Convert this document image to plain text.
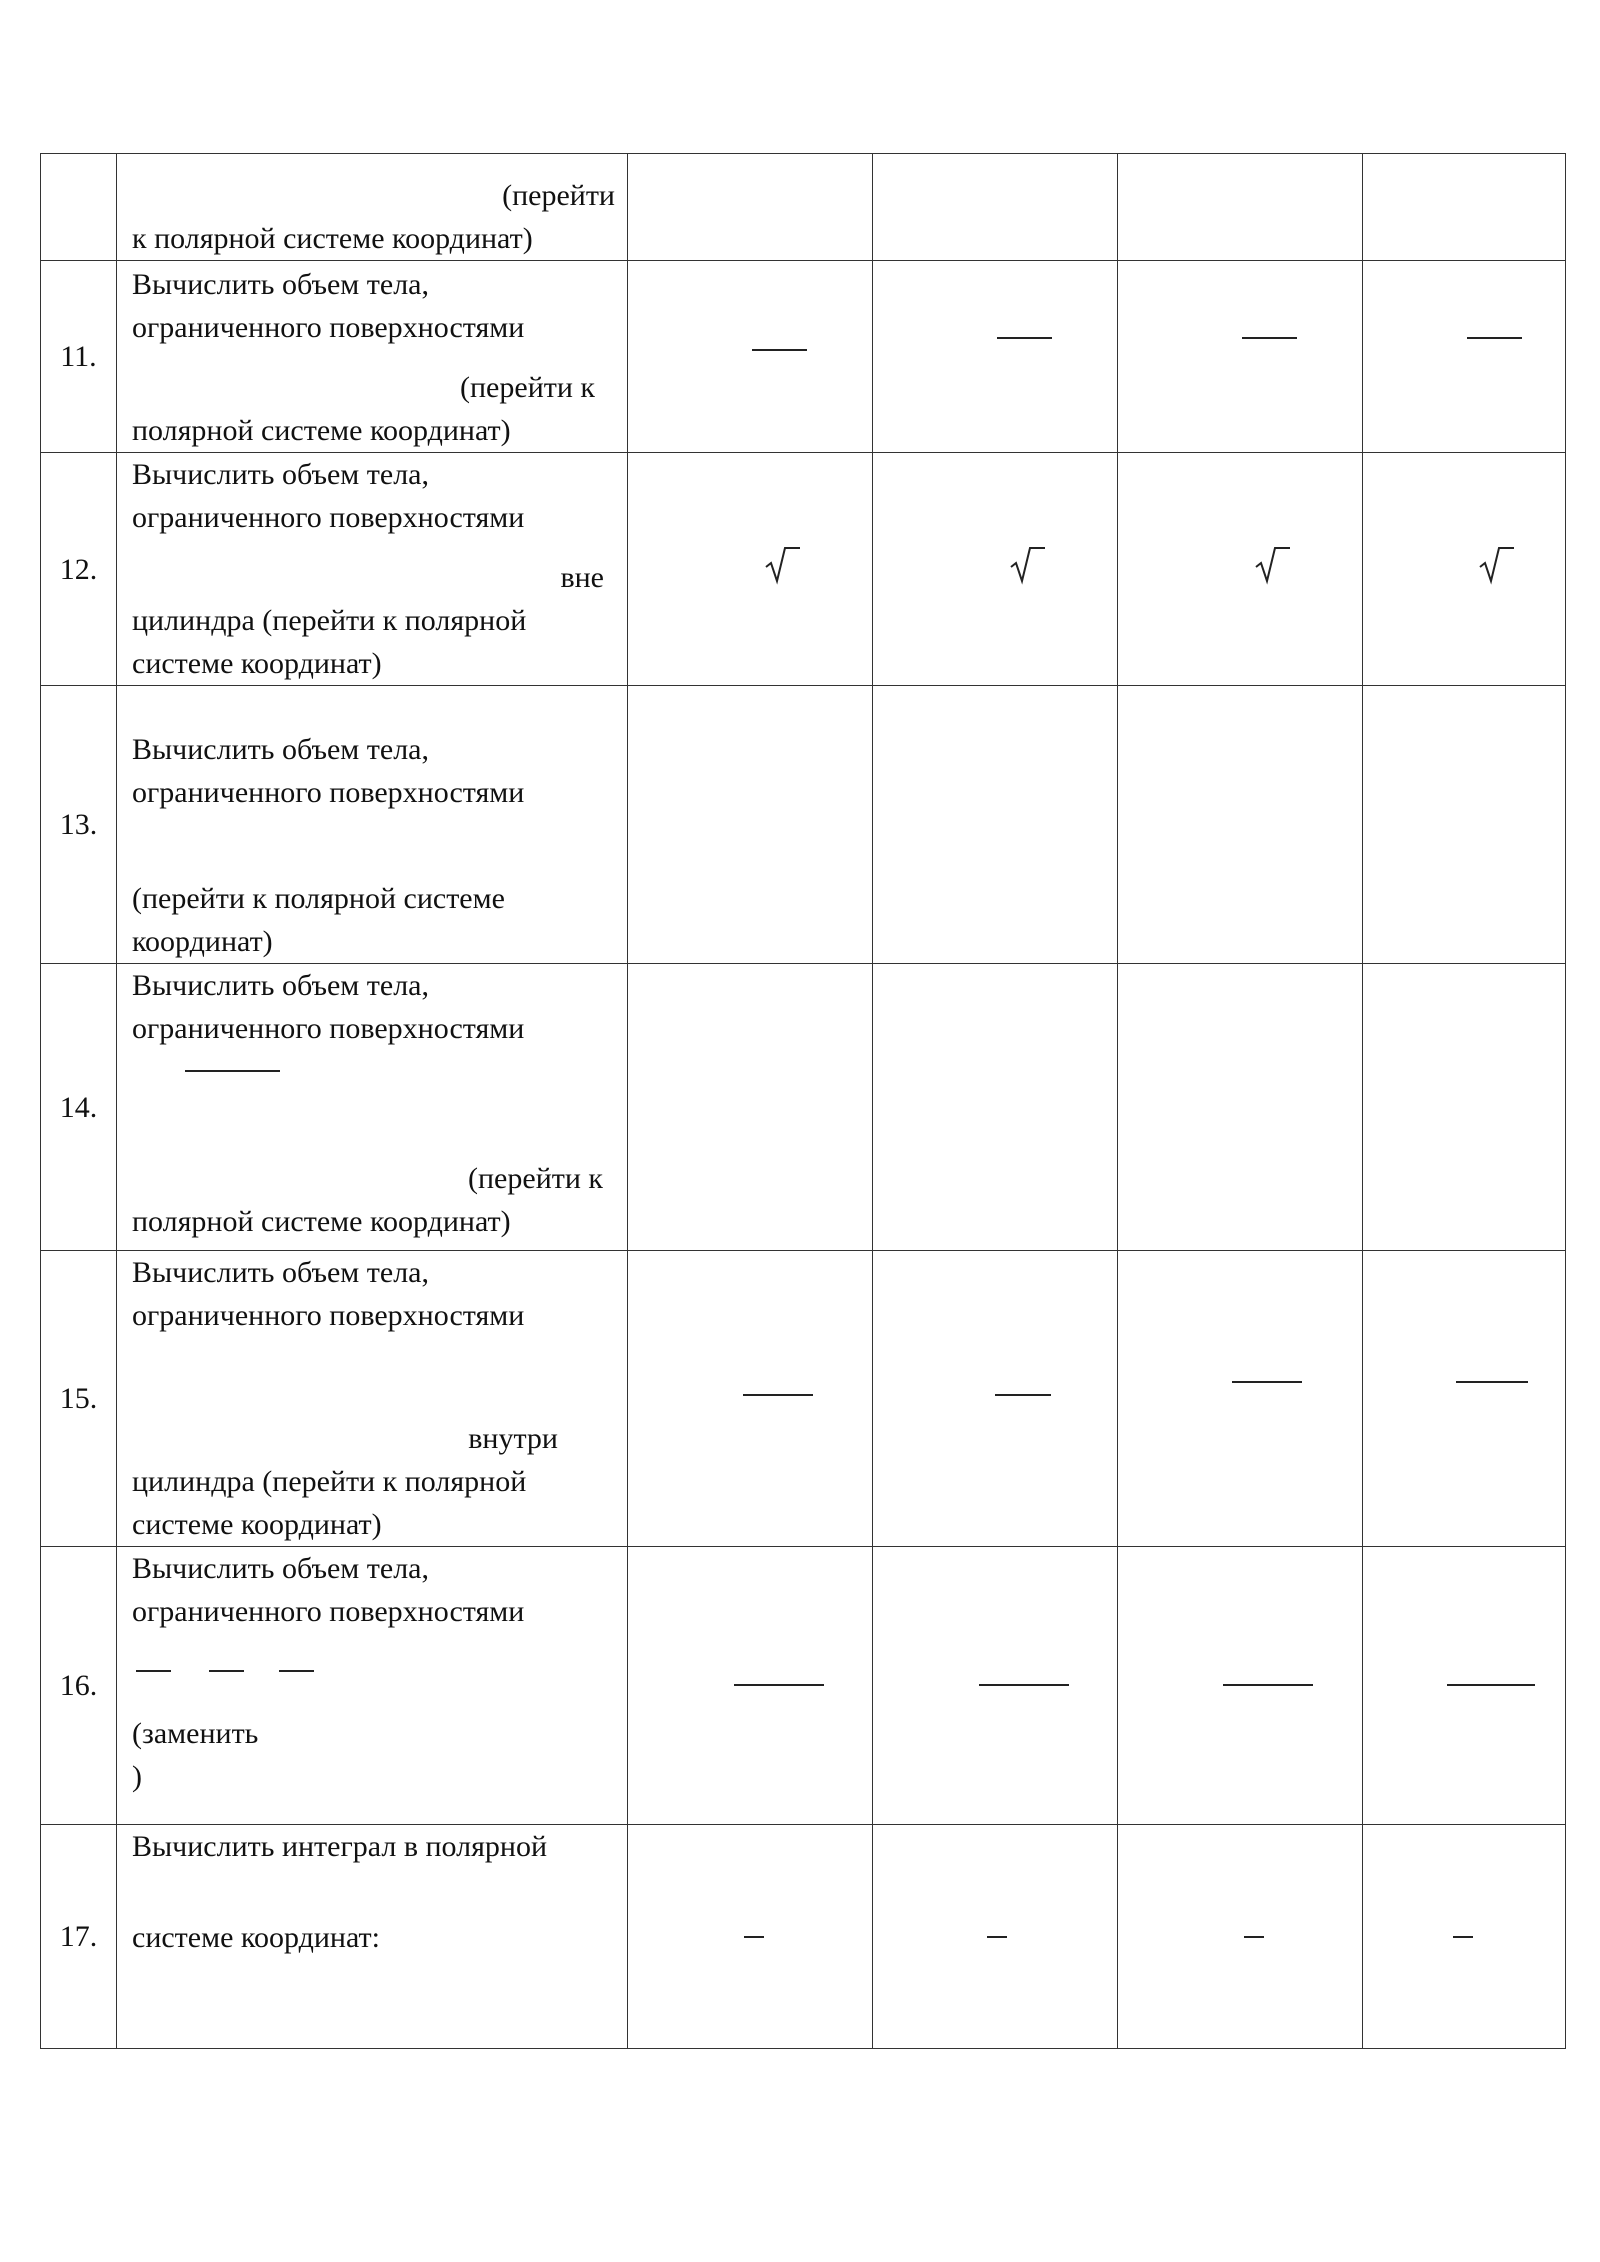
	(перейти
к полярной системе координат)				

11.	Вычислить объем тела,
ограниченного поверхностями
(перейти к
полярной системе координат)				

12.	Вычислить объем тела,
ограниченного поверхностями
вне
цилиндра (перейти к полярной
системе координат)

13.	Вычислить объем тела,
ограниченного поверхностями
(перейти к полярной системе
координат)				

14.	Вычислить объем тела,
ограниченного поверхностями
(перейти к
полярной системе координат)				

15.	Вычислить объем тела,
ограниченного поверхностями
внутри
цилиндра (перейти к полярной
системе координат)				

16.	Вычислить объем тела,
ограниченного поверхностями

(заменить
)				

17.	Вычислить интеграл в полярной
системе координат:				
